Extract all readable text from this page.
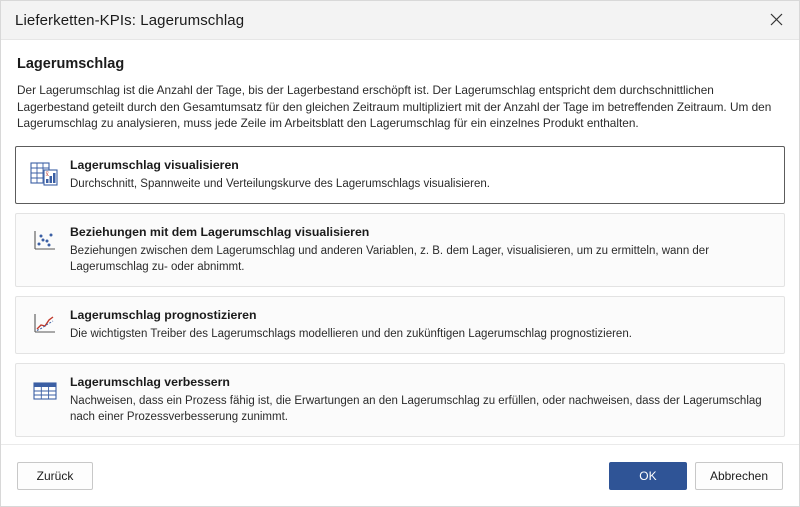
Lieferketten-KPIs: Lagerumschlag
Lagerumschlag
Der Lagerumschlag ist die Anzahl der Tage, bis der Lagerbestand erschöpft ist. Der Lagerumschlag entspricht dem durchschnittlichen Lagerbestand geteilt durch den Gesamtumsatz für den gleichen Zeitraum multipliziert mit der Anzahl der Tage im betreffenden Zeitraum. Um den Lagerumschlag zu analysieren, muss jede Zeile im Arbeitsblatt den Lagerumschlag für ein einzelnes Produkt enthalten.
x̄
Lagerumschlag visualisieren
Durchschnitt, Spannweite und Verteilungskurve des Lagerumschlags visualisieren.
Beziehungen mit dem Lagerumschlag visualisieren
Beziehungen zwischen dem Lagerumschlag und anderen Variablen, z. B. dem Lager, visualisieren, um zu ermitteln, wann der Lagerumschlag zu- oder abnimmt.
Lagerumschlag prognostizieren
Die wichtigsten Treiber des Lagerumschlags modellieren und den zukünftigen Lagerumschlag prognostizieren.
Lagerumschlag verbessern
Nachweisen, dass ein Prozess fähig ist, die Erwartungen an den Lagerumschlag zu erfüllen, oder nachweisen, dass der Lagerumschlag nach einer Prozessverbesserung zunimmt.
Zurück	OK	Abbrechen
